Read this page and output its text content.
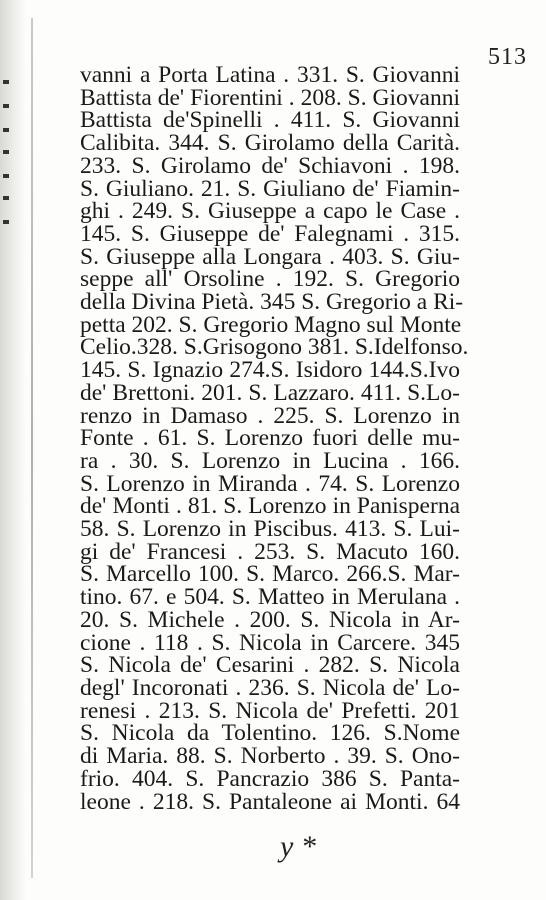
513
vanni a Porta Latina . 331. S. Giovanni
Battista de' Fiorentini . 208. S. Giovanni
Battista de'Spinelli . 411. S. Giovanni
Calibita. 344. S. Girolamo della Carità.
233. S. Girolamo de' Schiavoni . 198.
S. Giuliano. 21. S. Giuliano de' Fiamin-
ghi . 249. S. Giuseppe a capo le Case .
145. S. Giuseppe de' Falegnami . 315.
S. Giuseppe alla Longara . 403. S. Giu-
seppe all' Orsoline . 192. S. Gregorio
della Divina Pietà. 345 S. Gregorio a Ri-
petta 202. S. Gregorio Magno sul Monte
Celio.328. S.Grisogono 381. S.Idelfonso.
145. S. Ignazio 274.S. Isidoro 144.S.Ivo
de' Brettoni. 201. S. Lazzaro. 411. S.Lo-
renzo in Damaso . 225. S. Lorenzo in
Fonte . 61. S. Lorenzo fuori delle mu-
ra . 30. S. Lorenzo in Lucina . 166.
S. Lorenzo in Miranda . 74. S. Lorenzo
de' Monti . 81. S. Lorenzo in Panisperna
58. S. Lorenzo in Piscibus. 413. S. Lui-
gi de' Francesi . 253. S. Macuto 160.
S. Marcello 100. S. Marco. 266.S. Mar-
tino. 67. e 504. S. Matteo in Merulana .
20. S. Michele . 200. S. Nicola in Ar-
cione . 118 . S. Nicola in Carcere. 345
S. Nicola de' Cesarini . 282. S. Nicola
degl' Incoronati . 236. S. Nicola de' Lo-
renesi . 213. S. Nicola de' Prefetti. 201
S. Nicola da Tolentino. 126. S.Nome
di Maria. 88. S. Norberto . 39. S. Ono-
frio. 404. S. Pancrazio 386 S. Panta-
leone . 218. S. Pantaleone ai Monti. 64
y *
